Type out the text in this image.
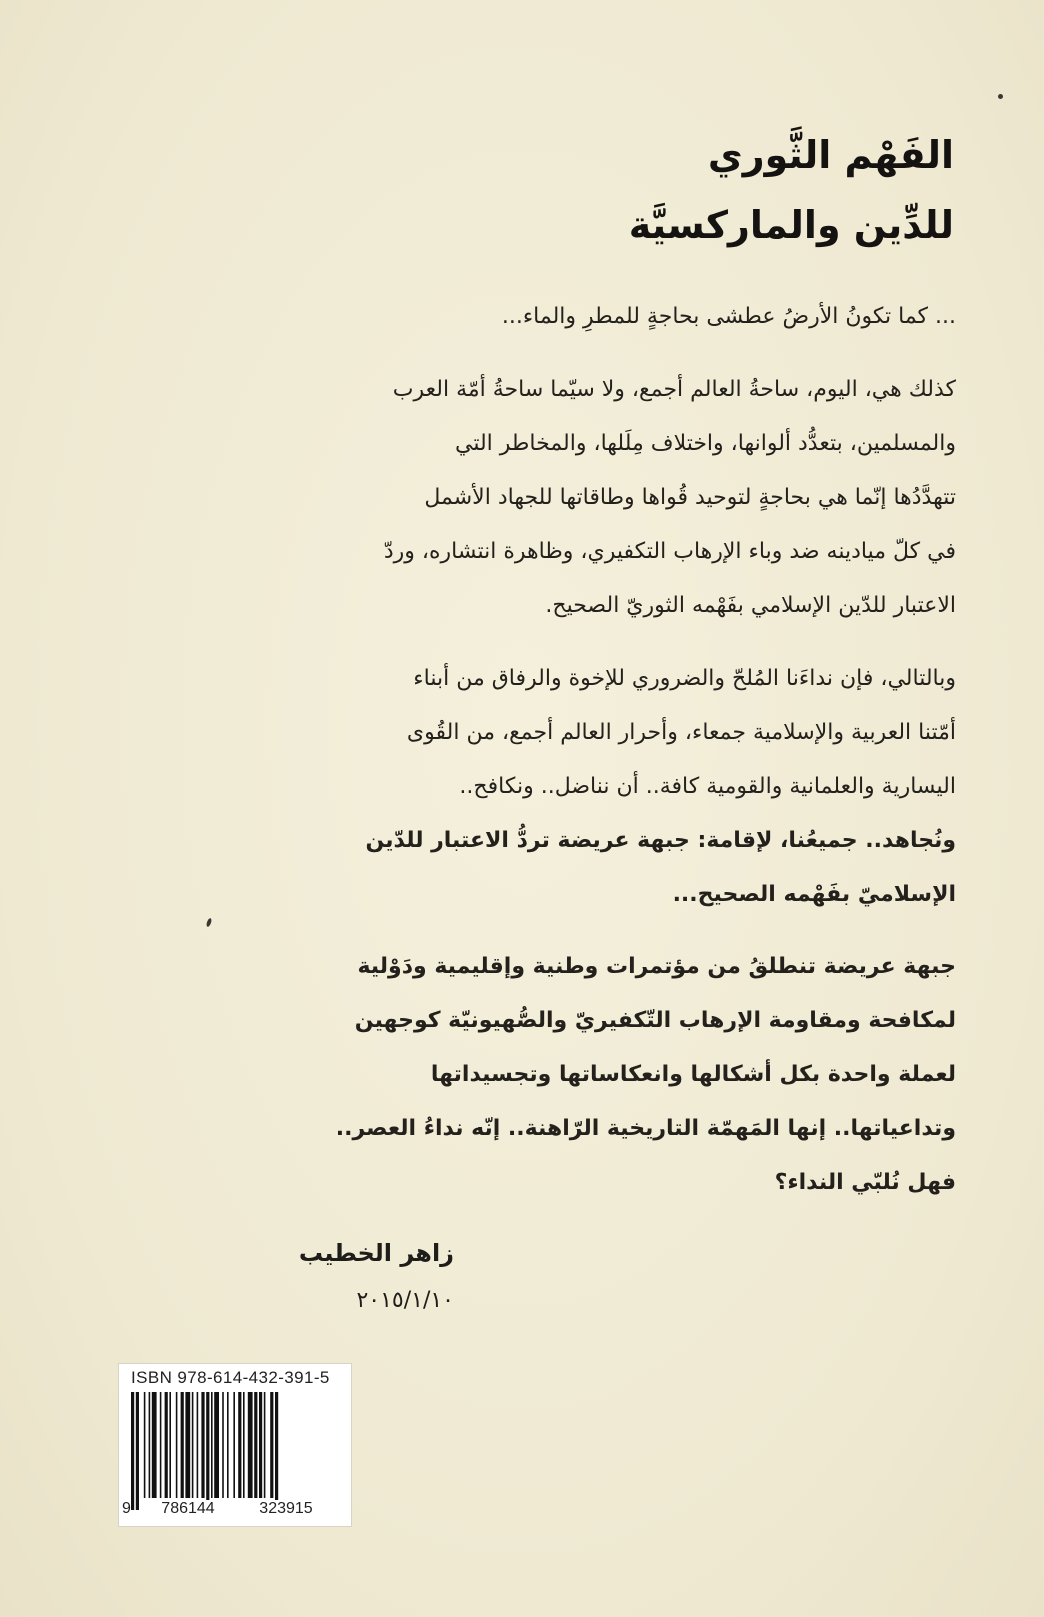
الفَهْم الثَّوري
للدِّين والماركسيَّة
... كما تكونُ الأرضُ عطشى بحاجةٍ للمطرِ والماء...
كذلك هي، اليوم، ساحةُ العالم أجمع، ولا سيّما ساحةُ أمّة العرب
والمسلمين، بتعدُّد ألوانها، واختلاف مِلَلها، والمخاطر التي
تتهدَّدُها إنّما هي بحاجةٍ لتوحيد قُواها وطاقاتها للجهاد الأشمل
في كلّ ميادينه ضد وباء الإرهاب التكفيري، وظاهرة انتشاره، وردّ
الاعتبار للدّين الإسلامي بفَهْمه الثوريّ الصحيح.
وبالتالي، فإن نداءَنا المُلحّ والضروري للإخوة والرفاق من أبناء
أمّتنا العربية والإسلامية جمعاء، وأحرار العالم أجمع، من القُوى
اليسارية والعلمانية والقومية كافة.. أن نناضل.. ونكافح..
ونُجاهد.. جميعُنا، لإقامة: جبهة عريضة تردُّ الاعتبار للدّين
الإسلاميّ بفَهْمه الصحيح...
جبهة عريضة تنطلقُ من مؤتمرات وطنية وإقليمية ودَوْلية
لمكافحة ومقاومة الإرهاب التّكفيريّ والصُّهيونيّة كوجهين
لعملة واحدة بكل أشكالها وانعكاساتها وتجسيداتها
وتداعياتها.. إنها المَهمّة التاريخية الرّاهنة.. إنّه نداءُ العصر..
فهل نُلبّي النداء؟
زاهر الخطيب
٢٠١٥/١/١٠
ISBN 978-614-432-391-5
9	786144	323915
